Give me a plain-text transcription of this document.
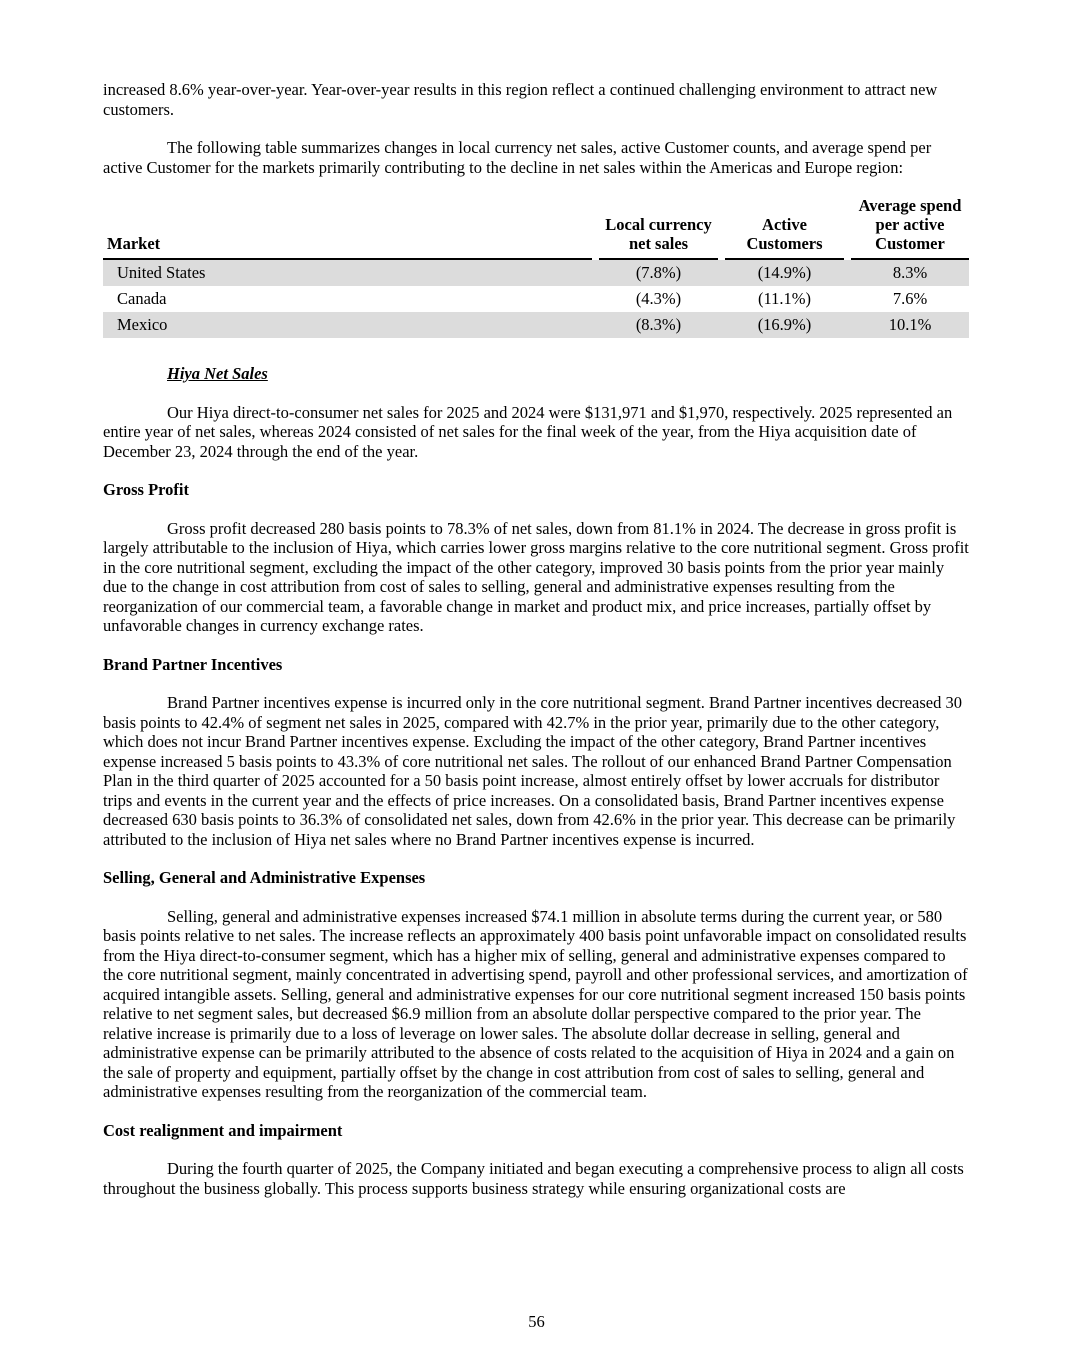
increased 8.6% year-over-year. Year-over-year results in this region reflect a continued challenging environment to attract new customers.

The following table summarizes changes in local currency net sales, active Customer counts, and average spend per active Customer for the markets primarily contributing to the decline in net sales within the Americas and Europe region:

Market		Local currency net sales		Active Customers		Average spend per active Customer
United States		(7.8%)		(14.9%)		8.3%
Canada		(4.3%)		(11.1%)		7.6%
Mexico		(8.3%)		(16.9%)		10.1%
Hiya Net Sales

Our Hiya direct-to-consumer net sales for 2025 and 2024 were $131,971 and $1,970, respectively. 2025 represented an entire year of net sales, whereas 2024 consisted of net sales for the final week of the year, from the Hiya acquisition date of December 23, 2024 through the end of the year.

Gross Profit

Gross profit decreased 280 basis points to 78.3% of net sales, down from 81.1% in 2024. The decrease in gross profit is largely attributable to the inclusion of Hiya, which carries lower gross margins relative to the core nutritional segment. Gross profit in the core nutritional segment, excluding the impact of the other category, improved 30 basis points from the prior year mainly due to the change in cost attribution from cost of sales to selling, general and administrative expenses resulting from the reorganization of our commercial team, a favorable change in market and product mix, and price increases, partially offset by unfavorable changes in currency exchange rates.

Brand Partner Incentives

Brand Partner incentives expense is incurred only in the core nutritional segment. Brand Partner incentives decreased 30 basis points to 42.4% of segment net sales in 2025, compared with 42.7% in the prior year, primarily due to the other category, which does not incur Brand Partner incentives expense. Excluding the impact of the other category, Brand Partner incentives expense increased 5 basis points to 43.3% of core nutritional net sales. The rollout of our enhanced Brand Partner Compensation Plan in the third quarter of 2025 accounted for a 50 basis point increase, almost entirely offset by lower accruals for distributor trips and events in the current year and the effects of price increases. On a consolidated basis, Brand Partner incentives expense decreased 630 basis points to 36.3% of consolidated net sales, down from 42.6% in the prior year. This decrease can be primarily attributed to the inclusion of Hiya net sales where no Brand Partner incentives expense is incurred.

Selling, General and Administrative Expenses

Selling, general and administrative expenses increased $74.1 million in absolute terms during the current year, or 580 basis points relative to net sales. The increase reflects an approximately 400 basis point unfavorable impact on consolidated results from the Hiya direct-to-consumer segment, which has a higher mix of selling, general and administrative expenses compared to the core nutritional segment, mainly concentrated in advertising spend, payroll and other professional services, and amortization of acquired intangible assets. Selling, general and administrative expenses for our core nutritional segment increased 150 basis points relative to net segment sales, but decreased $6.9 million from an absolute dollar perspective compared to the prior year. The relative increase is primarily due to a loss of leverage on lower sales. The absolute dollar decrease in selling, general and administrative expense can be primarily attributed to the absence of costs related to the acquisition of Hiya in 2024 and a gain on the sale of property and equipment, partially offset by the change in cost attribution from cost of sales to selling, general and administrative expenses resulting from the reorganization of the commercial team.

Cost realignment and impairment

During the fourth quarter of 2025, the Company initiated and began executing a comprehensive process to align all costs throughout the business globally. This process supports business strategy while ensuring organizational costs are

56
